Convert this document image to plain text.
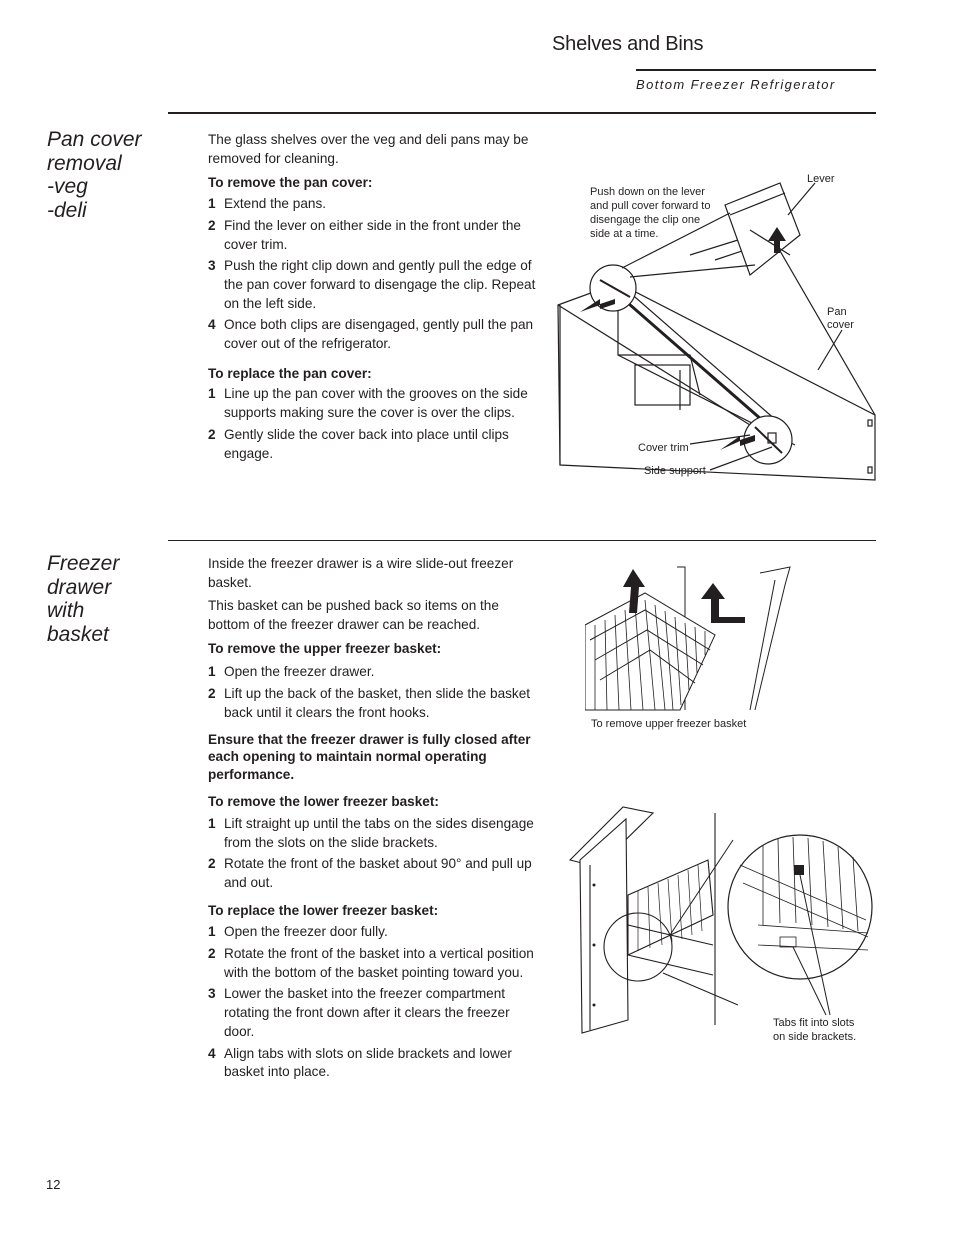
Shelves and Bins
Bottom Freezer Refrigerator
Pan cover
removal
-veg
-deli

The glass shelves over the veg and deli pans may be removed for cleaning.

To remove the pan cover:

1 Extend the pans.
2 Find the lever on either side in the front under the cover trim.
3 Push the right clip down and gently pull the edge of the pan cover forward to disengage the clip. Repeat on the left side.
4 Once both clips are disengaged, gently pull the pan cover out of the refrigerator.

To replace the pan cover:

1 Line up the pan cover with the grooves on the side supports making sure the cover is over the clips.
2 Gently slide the cover back into place until clips engage.
Push down on the lever and pull cover forward to disengage the clip one side at a time.
Lever
Pan
cover
Cover trim
Side support
Freezer
drawer
with
basket

Inside the freezer drawer is a wire slide-out freezer basket.

This basket can be pushed back so items on the bottom of the freezer drawer can be reached.

To remove the upper freezer basket:

1 Open the freezer drawer.
2 Lift up the back of the basket, then slide the basket back until it clears the front hooks.

Ensure that the freezer drawer is fully closed after each opening to maintain normal operating performance.

To remove the lower freezer basket:

1 Lift straight up until the tabs on the sides disengage from the slots on the slide brackets.
2 Rotate the front of the basket about 90° and pull up and out.

To replace the lower freezer basket:

1 Open the freezer door fully.
2 Rotate the front of the basket into a vertical position with the bottom of the basket pointing toward you.
3 Lower the basket into the freezer compartment rotating the front down after it clears the freezer door.
4 Align tabs with slots on slide brackets and lower basket into place.
To remove upper freezer basket
Tabs fit into slots
on side brackets.
12
